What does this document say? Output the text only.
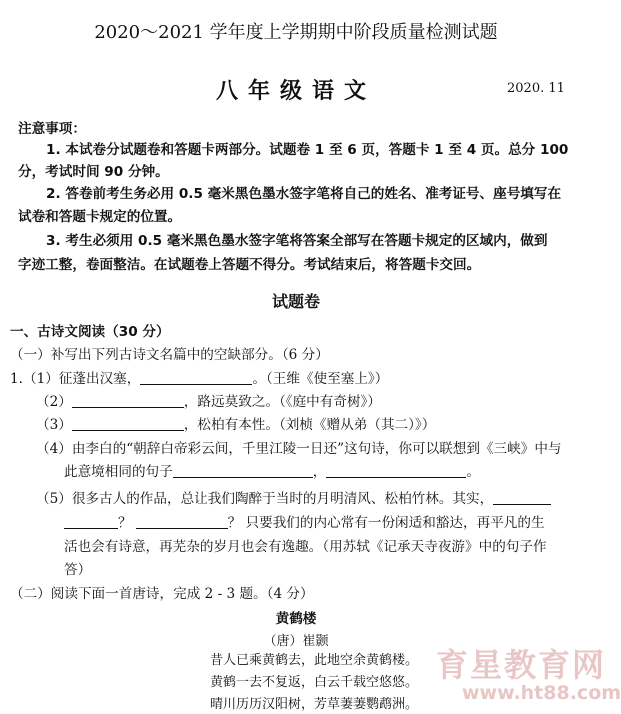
2020～2021 学年度上学期期中阶段质量检测试题
八年级语文	2020. 11
注意事项：
1. 本试卷分试题卷和答题卡两部分。试题卷 1 至 6 页，答题卡 1 至 4 页。总分 100
分，考试时间 90 分钟。
2. 答卷前考生务必用 0.5 毫米黑色墨水签字笔将自己的姓名、准考证号、座号填写在
试卷和答题卡规定的位置。
3. 考生必须用 0.5 毫米黑色墨水签字笔将答案全部写在答题卡规定的区域内，做到
字迹工整，卷面整洁。在试题卷上答题不得分。考试结束后，将答题卡交回。
试题卷
一、古诗文阅读（30 分）
（一）补写出下列古诗文名篇中的空缺部分。（6 分）
1.（1）征蓬出汉塞，	。（王维《使至塞上》）
（2）	，路远莫致之。（《庭中有奇树》）
（3）	，松柏有本性。（刘桢《赠从弟（其二）》）
（4）由李白的“朝辞白帝彩云间，千里江陵一日还”这句诗，你可以联想到《三峡》中与
此意境相同的句子	，	。
（5）很多古人的作品，总让我们陶醉于当时的月明清风、松柏竹林。其实，
？	？ 只要我们的内心常有一份闲适和豁达，再平凡的生
活也会有诗意，再芜杂的岁月也会有逸趣。（用苏轼《记承天寺夜游》中的句子作
答）
（二）阅读下面一首唐诗，完成 2 - 3 题。（4 分）
黄鹤楼
（唐）崔颢
昔人已乘黄鹤去，此地空余黄鹤楼。
黄鹤一去不复返，白云千载空悠悠。
晴川历历汉阳树，芳草萋萋鹦鹉洲。
育星教育网
www.ht88.com
